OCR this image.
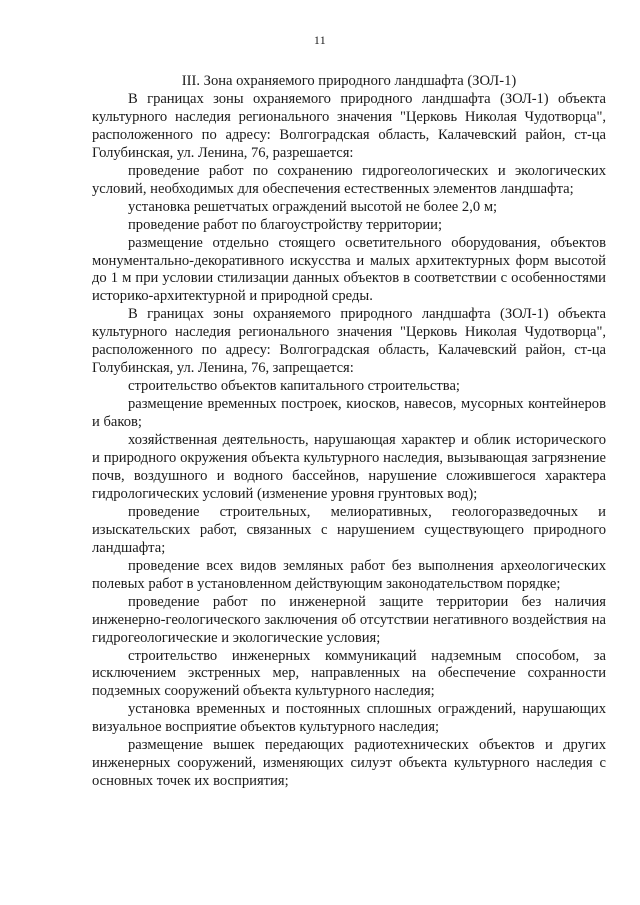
11
III. Зона охраняемого природного ландшафта (ЗОЛ-1)

В границах зоны охраняемого природного ландшафта (ЗОЛ-1) объекта культурного наследия регионального значения "Церковь Николая Чудотворца", расположенного по адресу: Волгоградская область, Калачевский район, ст-ца Голубинская, ул. Ленина, 76, разрешается:

проведение работ по сохранению гидрогеологических и экологических условий, необходимых для обеспечения естественных элементов ландшафта;

установка решетчатых ограждений высотой не более 2,0 м;

проведение работ по благоустройству территории;

размещение отдельно стоящего осветительного оборудования, объектов монументально-декоративного искусства и малых архитектурных форм высотой до 1 м при условии стилизации данных объектов в соответствии с особенностями историко-архитектурной и природной среды.

В границах зоны охраняемого природного ландшафта (ЗОЛ-1) объекта культурного наследия регионального значения "Церковь Николая Чудотворца", расположенного по адресу: Волгоградская область, Калачевский район, ст-ца Голубинская, ул. Ленина, 76, запрещается:

строительство объектов капитального строительства;

размещение временных построек, киосков, навесов, мусорных контейнеров и баков;

хозяйственная деятельность, нарушающая характер и облик исторического и природного окружения объекта культурного наследия, вызывающая загрязнение почв, воздушного и водного бассейнов, нарушение сложившегося характера гидрологических условий (изменение уровня грунтовых вод);

проведение строительных, мелиоративных, геологоразведочных и изыскательских работ, связанных с нарушением существующего природного ландшафта;

проведение всех видов земляных работ без выполнения археологических полевых работ в установленном действующим законодательством порядке;

проведение работ по инженерной защите территории без наличия инженерно-геологического заключения об отсутствии негативного воздействия на гидрогеологические и экологические условия;

строительство инженерных коммуникаций надземным способом, за исключением экстренных мер, направленных на обеспечение сохранности подземных сооружений объекта культурного наследия;

установка временных и постоянных сплошных ограждений, нарушающих визуальное восприятие объектов культурного наследия;

размещение вышек передающих радиотехнических объектов и других инженерных сооружений, изменяющих силуэт объекта культурного наследия с основных точек их восприятия;
